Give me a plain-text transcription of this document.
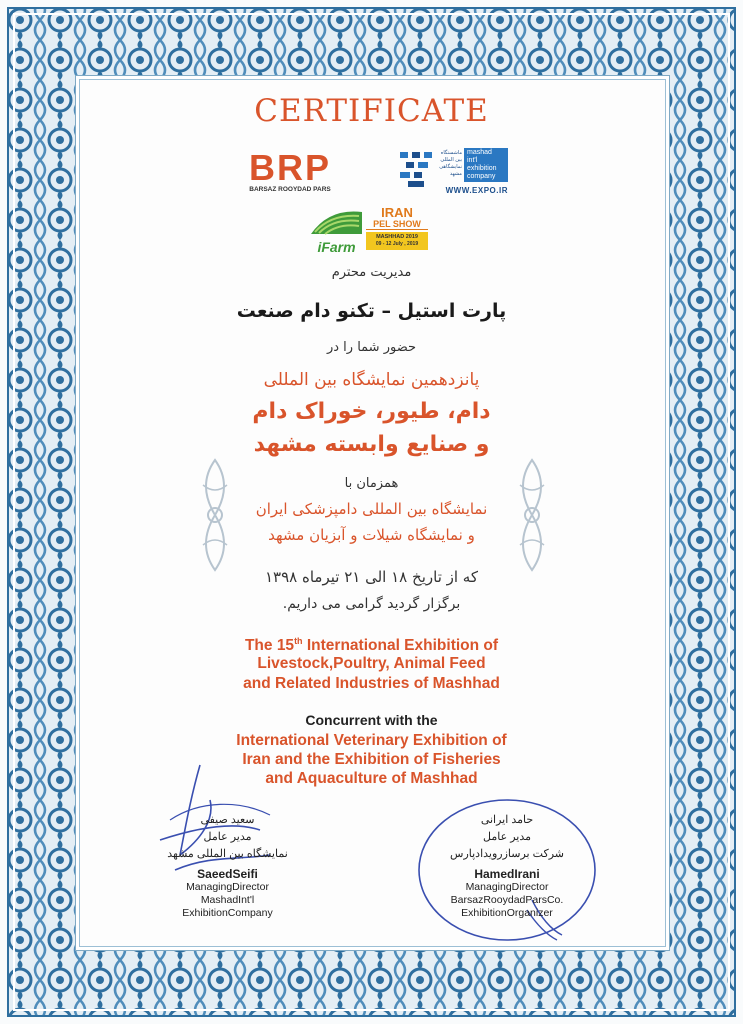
CERTIFICATE
BRP
BARSAZ ROOYDAD PARS
ماشستگاه
بین المللی
نمایشگاهی
مشهد
mashad
int'l
exhibition
company
WWW.EXPO.IR
iFarm
IRAN
PEL SHOW
MASHHAD 2019
09 - 12 July , 2019
مدیریت محترم
پارت استیل – تکنو دام صنعت
حضور شما را در
پانزدهمین نمایشگاه بین المللی
دام، طیور، خوراک دام
و صنایع وابسته مشهد
همزمان با
نمایشگاه بین المللی دامپزشکی ایران
و نمایشگاه شیلات و آبزیان مشهد
که از تاریخ ۱۸ الی ۲۱ تیرماه ۱۳۹۸
برگزار گردید گرامی می داریم.
The 15th International Exhibition of
Livestock,Poultry, Animal Feed
and Related Industries of Mashhad
Concurrent with the
International Veterinary Exhibition of
Iran and the Exhibition of Fisheries
and Aquaculture of Mashhad
سعید صیفی
مدیر عامل
نمایشگاه بین المللی مشهد
SaeedSeifi
ManagingDirector
MashadInt'l
ExhibitionCompany
حامد ایرانی
مدیر عامل
شرکت برسازرویدادپارس
HamedIrani
ManagingDirector
BarsazRooydadParsCo.
ExhibitionOrganizer
